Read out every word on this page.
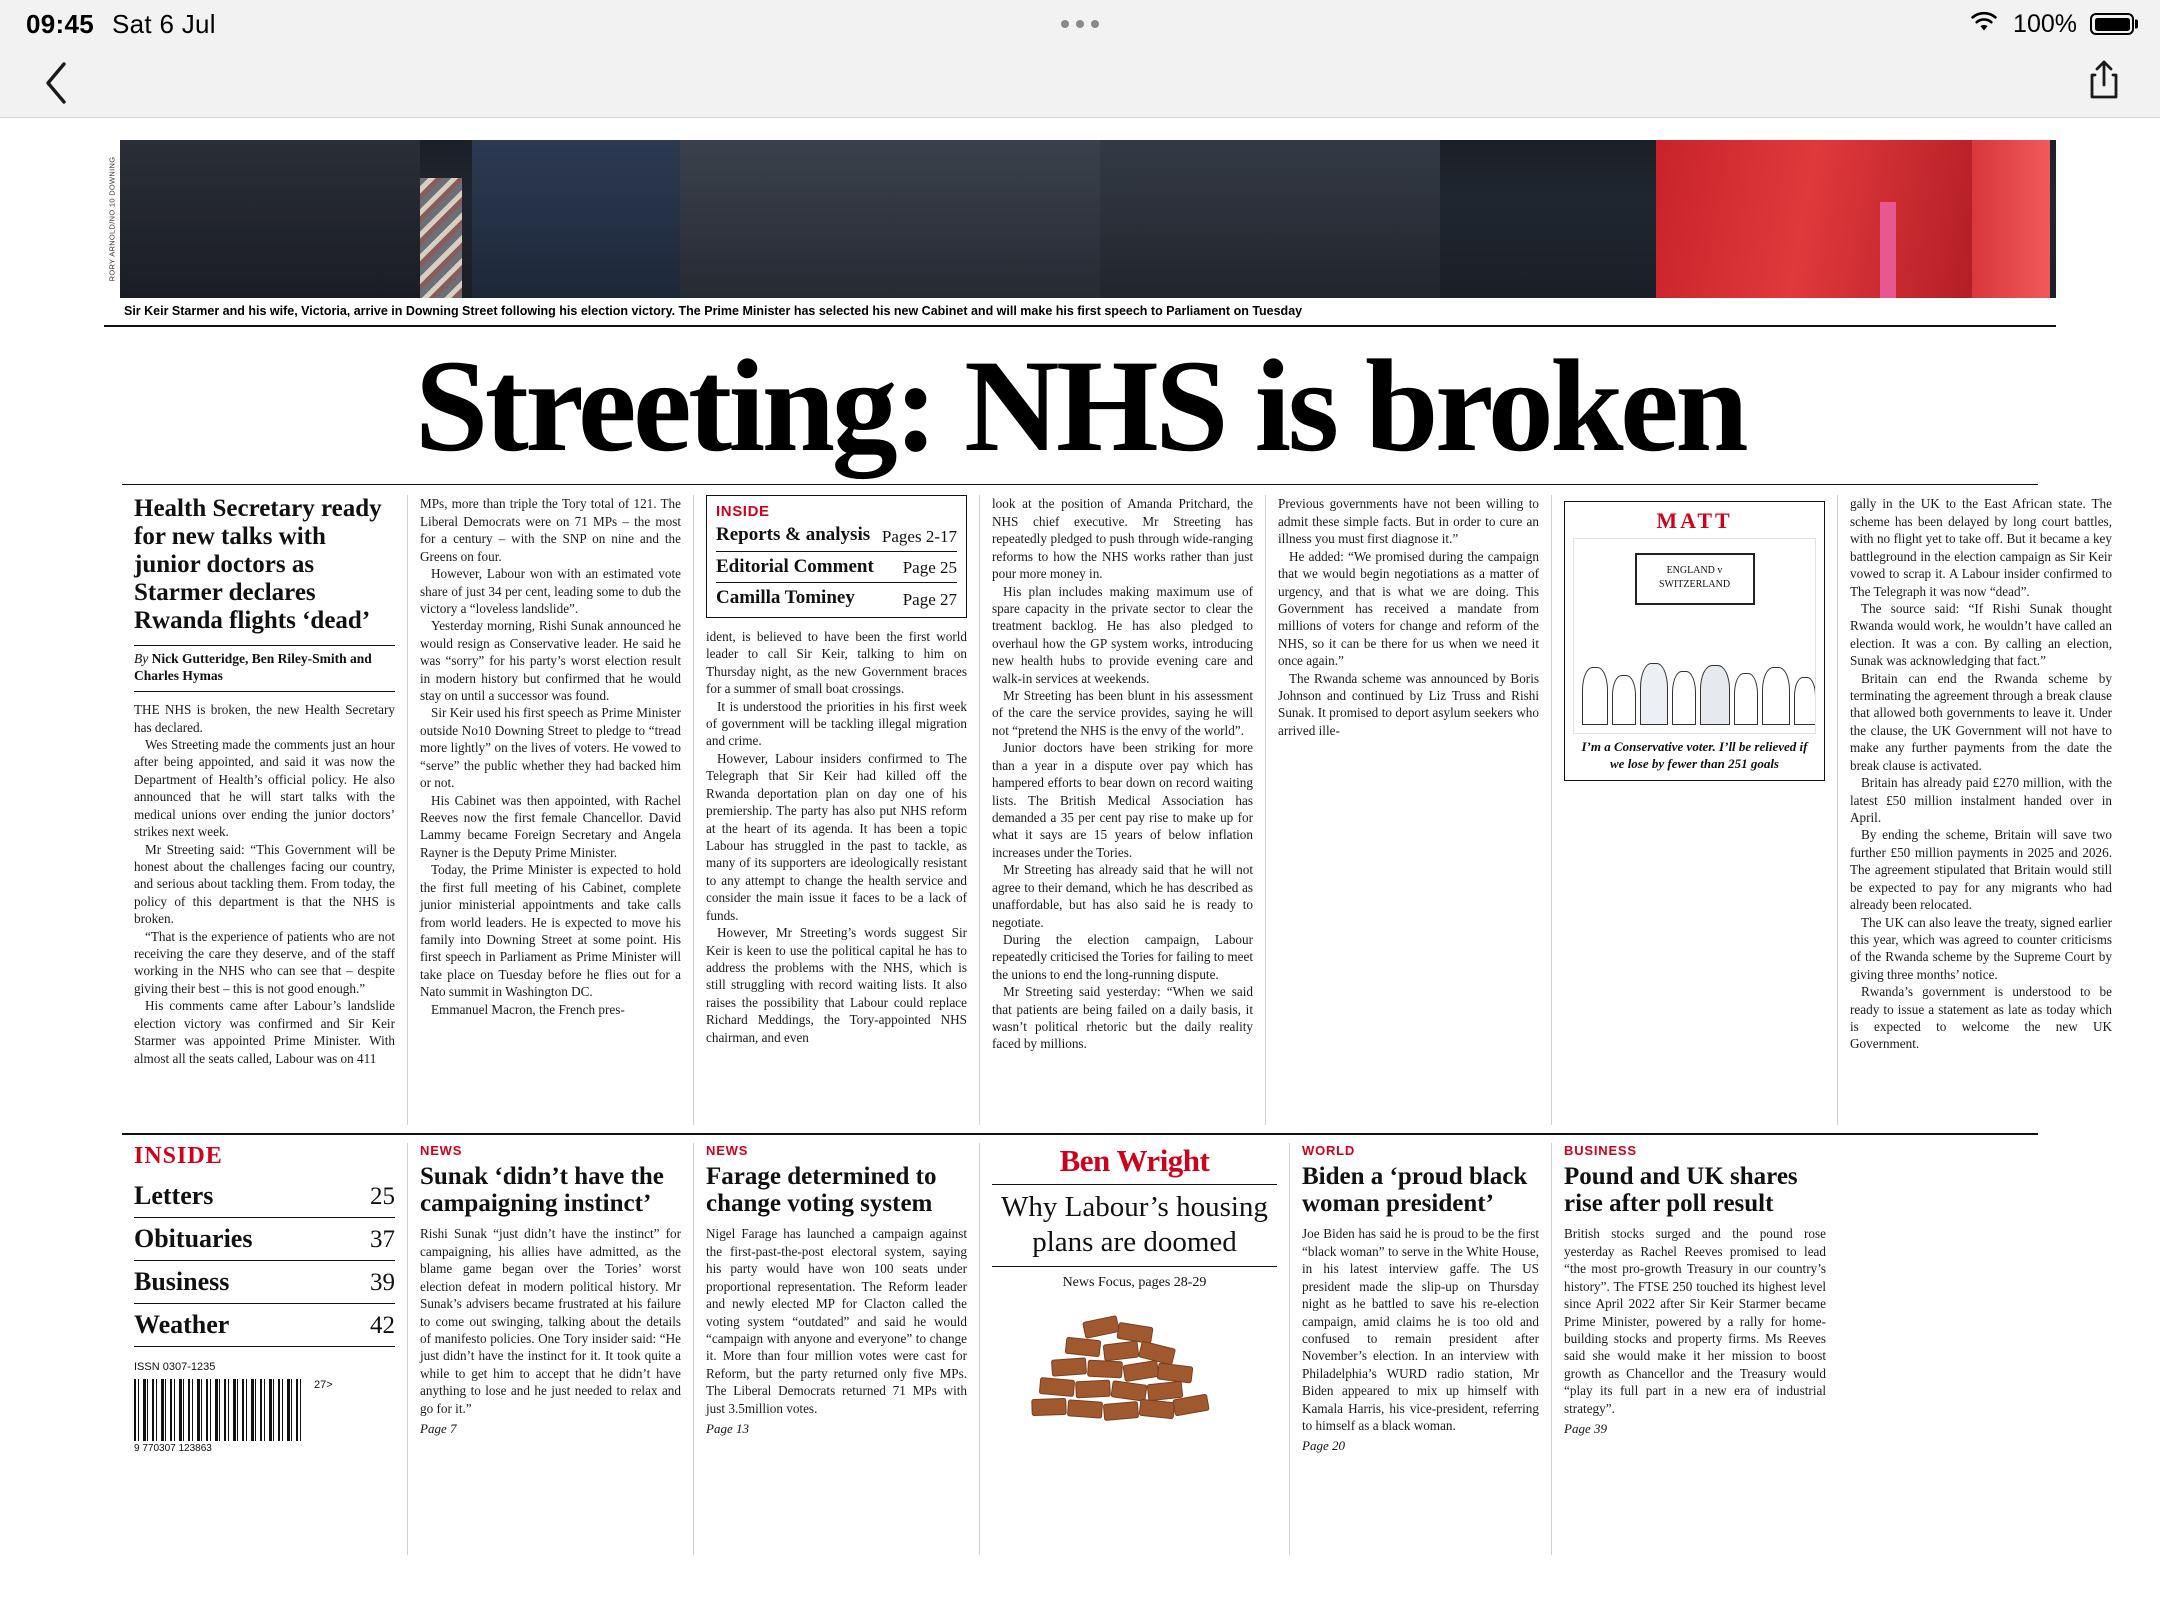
09:45 Sat 6 Jul	100%
RORY ARNOLD/NO 10 DOWNING
Sir Keir Starmer and his wife, Victoria, arrive in Downing Street following his election victory. The Prime Minister has selected his new Cabinet and will make his first speech to Parliament on Tuesday
Streeting: NHS is broken
Health Secretary ready for new talks with junior doctors as Starmer declares Rwanda flights ‘dead’
By Nick Gutteridge, Ben Riley-Smith and Charles Hymas

THE NHS is broken, the new Health Secretary has declared.

Wes Streeting made the comments just an hour after being appointed, and said it was now the Department of Health’s official policy. He also announced that he will start talks with the medical unions over ending the junior doctors’ strikes next week.

Mr Streeting said: “This Government will be honest about the challenges facing our country, and serious about tackling them. From today, the policy of this department is that the NHS is broken.

“That is the experience of patients who are not receiving the care they deserve, and of the staff working in the NHS who can see that – despite giving their best – this is not good enough.”

His comments came after Labour’s landslide election victory was confirmed and Sir Keir Starmer was appointed Prime Minister. With almost all the seats called, Labour was on 411

MPs, more than triple the Tory total of 121. The Liberal Democrats were on 71 MPs – the most for a century – with the SNP on nine and the Greens on four.

However, Labour won with an estimated vote share of just 34 per cent, leading some to dub the victory a “loveless landslide”.

Yesterday morning, Rishi Sunak announced he would resign as Conservative leader. He said he was “sorry” for his party’s worst election result in modern history but confirmed that he would stay on until a successor was found.

Sir Keir used his first speech as Prime Minister outside No10 Downing Street to pledge to “tread more lightly” on the lives of voters. He vowed to “serve” the public whether they had backed him or not.

His Cabinet was then appointed, with Rachel Reeves now the first female Chancellor. David Lammy became Foreign Secretary and Angela Rayner is the Deputy Prime Minister.

Today, the Prime Minister is expected to hold the first full meeting of his Cabinet, complete junior ministerial appointments and take calls from world leaders. He is expected to move his family into Downing Street at some point. His first speech in Parliament as Prime Minister will take place on Tuesday before he flies out for a Nato summit in Washington DC.

Emmanuel Macron, the French pres-

INSIDE
Reports & analysis Pages 2-17
Editorial Comment Page 25
Camilla Tominey	Page 27

ident, is believed to have been the first world leader to call Sir Keir, talking to him on Thursday night, as the new Government braces for a summer of small boat crossings.

It is understood the priorities in his first week of government will be tackling illegal migration and crime.

However, Labour insiders confirmed to The Telegraph that Sir Keir had killed off the Rwanda deportation plan on day one of his premiership. The party has also put NHS reform at the heart of its agenda. It has been a topic Labour has struggled in the past to tackle, as many of its supporters are ideologically resistant to any attempt to change the health service and consider the main issue it faces to be a lack of funds.

However, Mr Streeting’s words suggest Sir Keir is keen to use the political capital he has to address the problems with the NHS, which is still struggling with record waiting lists. It also raises the possibility that Labour could replace Richard Meddings, the Tory-appointed NHS chairman, and even

look at the position of Amanda Pritchard, the NHS chief executive. Mr Streeting has repeatedly pledged to push through wide-ranging reforms to how the NHS works rather than just pour more money in.

His plan includes making maximum use of spare capacity in the private sector to clear the treatment backlog. He has also pledged to overhaul how the GP system works, introducing new health hubs to provide evening care and walk-in services at weekends.

Mr Streeting has been blunt in his assessment of the care the service provides, saying he will not “pretend the NHS is the envy of the world”.

Junior doctors have been striking for more than a year in a dispute over pay which has hampered efforts to bear down on record waiting lists. The British Medical Association has demanded a 35 per cent pay rise to make up for what it says are 15 years of below inflation increases under the Tories.

Mr Streeting has already said that he will not agree to their demand, which he has described as unaffordable, but has also said he is ready to negotiate.

During the election campaign, Labour repeatedly criticised the Tories for failing to meet the unions to end the long-running dispute.

Mr Streeting said yesterday: “When we said that patients are being failed on a daily basis, it wasn’t political rhetoric but the daily reality faced by millions.

Previous governments have not been willing to admit these simple facts. But in order to cure an illness you must first diagnose it.”

He added: “We promised during the campaign that we would begin negotiations as a matter of urgency, and that is what we are doing. This Government has received a mandate from millions of voters for change and reform of the NHS, so it can be there for us when we need it once again.”

The Rwanda scheme was announced by Boris Johnson and continued by Liz Truss and Rishi Sunak. It promised to deport asylum seekers who arrived ille-

MATT
ENGLAND v SWITZERLAND
I’m a Conservative voter. I’ll be relieved if we lose by fewer than 251 goals

gally in the UK to the East African state. The scheme has been delayed by long court battles, with no flight yet to take off. But it became a key battleground in the election campaign as Sir Keir vowed to scrap it. A Labour insider confirmed to The Telegraph it was now “dead”.

The source said: “If Rishi Sunak thought Rwanda would work, he wouldn’t have called an election. It was a con. By calling an election, Sunak was acknowledging that fact.”

Britain can end the Rwanda scheme by terminating the agreement through a break clause that allowed both governments to leave it. Under the clause, the UK Government will not have to make any further payments from the date the break clause is activated.

Britain has already paid £270 million, with the latest £50 million instalment handed over in April.

By ending the scheme, Britain will save two further £50 million payments in 2025 and 2026. The agreement stipulated that Britain would still be expected to pay for any migrants who had already been relocated.

The UK can also leave the treaty, signed earlier this year, which was agreed to counter criticisms of the Rwanda scheme by the Supreme Court by giving three months’ notice.

Rwanda’s government is understood to be ready to issue a statement as late as today which is expected to welcome the new UK Government.

INSIDE
Letters	25
Obituaries	37
Business	39
Weather	42
ISSN 0307-1235
9 770307 123863
27>
NEWS
Sunak ‘didn’t have the campaigning instinct’
Rishi Sunak “just didn’t have the instinct” for campaigning, his allies have admitted, as the blame game began over the Tories’ worst election defeat in modern political history. Mr Sunak’s advisers became frustrated at his failure to come out swinging, talking about the details of manifesto policies. One Tory insider said: “He just didn’t have the instinct for it. It took quite a while to get him to accept that he didn’t have anything to lose and he just needed to relax and go for it.”
Page 7
NEWS
Farage determined to change voting system
Nigel Farage has launched a campaign against the first-past-the-post electoral system, saying his party would have won 100 seats under proportional representation. The Reform leader and newly elected MP for Clacton called the voting system “outdated” and said he would “campaign with anyone and everyone” to change it. More than four million votes were cast for Reform, but the party returned only five MPs. The Liberal Democrats returned 71 MPs with just 3.5million votes.
Page 13
Ben Wright
Why Labour’s housing plans are doomed
News Focus, pages 28-29
WORLD
Biden a ‘proud black woman president’
Joe Biden has said he is proud to be the first “black woman” to serve in the White House, in his latest interview gaffe. The US president made the slip-up on Thursday night as he battled to save his re-election campaign, amid claims he is too old and confused to remain president after November’s election. In an interview with Philadelphia’s WURD radio station, Mr Biden appeared to mix up himself with Kamala Harris, his vice-president, referring to himself as a black woman.
Page 20
BUSINESS
Pound and UK shares rise after poll result
British stocks surged and the pound rose yesterday as Rachel Reeves promised to lead “the most pro-growth Treasury in our country’s history”. The FTSE 250 touched its highest level since April 2022 after Sir Keir Starmer became Prime Minister, powered by a rally for home-building stocks and property firms. Ms Reeves said she would make it her mission to boost growth as Chancellor and the Treasury would “play its full part in a new era of industrial strategy”.
Page 39
